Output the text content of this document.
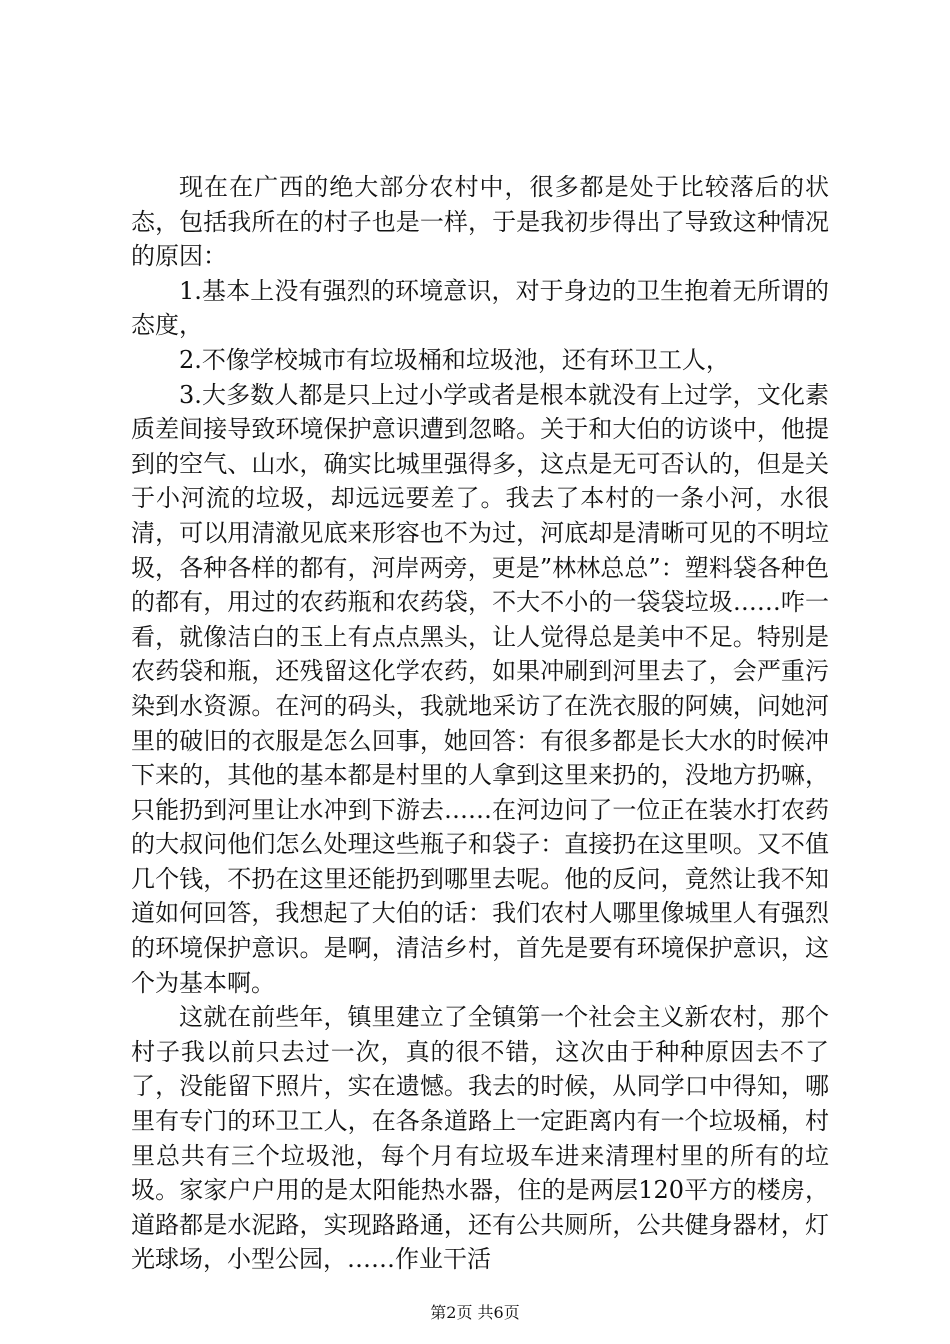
现在在广西的绝大部分农村中，很多都是处于比较落后的状态，包括我所在的村子也是一样，于是我初步得出了导致这种情况的原因：

1.基本上没有强烈的环境意识，对于身边的卫生抱着无所谓的态度，

2.不像学校城市有垃圾桶和垃圾池，还有环卫工人，

3.大多数人都是只上过小学或者是根本就没有上过学，文化素质差间接导致环境保护意识遭到忽略。关于和大伯的访谈中，他提到的空气、山水，确实比城里强得多，这点是无可否认的，但是关于小河流的垃圾，却远远要差了。我去了本村的一条小河，水很清，可以用清澈见底来形容也不为过，河底却是清晰可见的不明垃圾，各种各样的都有，河岸两旁，更是”林林总总”：塑料袋各种色的都有，用过的农药瓶和农药袋，不大不小的一袋袋垃圾……咋一看，就像洁白的玉上有点点黑头，让人觉得总是美中不足。特别是农药袋和瓶，还残留这化学农药，如果冲刷到河里去了，会严重污染到水资源。在河的码头，我就地采访了在洗衣服的阿姨，问她河里的破旧的衣服是怎么回事，她回答：有很多都是长大水的时候冲下来的，其他的基本都是村里的人拿到这里来扔的，没地方扔嘛，只能扔到河里让水冲到下游去……在河边问了一位正在装水打农药的大叔问他们怎么处理这些瓶子和袋子：直接扔在这里呗。又不值几个钱，不扔在这里还能扔到哪里去呢。他的反问，竟然让我不知道如何回答，我想起了大伯的话：我们农村人哪里像城里人有强烈的环境保护意识。是啊，清洁乡村，首先是要有环境保护意识，这个为基本啊。

这就在前些年，镇里建立了全镇第一个社会主义新农村，那个村子我以前只去过一次，真的很不错，这次由于种种原因去不了了，没能留下照片，实在遗憾。我去的时候，从同学口中得知，哪里有专门的环卫工人，在各条道路上一定距离内有一个垃圾桶，村里总共有三个垃圾池，每个月有垃圾车进来清理村里的所有的垃圾。家家户户用的是太阳能热水器，住的是两层120平方的楼房，道路都是水泥路，实现路路通，还有公共厕所，公共健身器材，灯光球场，小型公园，……作业干活

第2页 共6页
